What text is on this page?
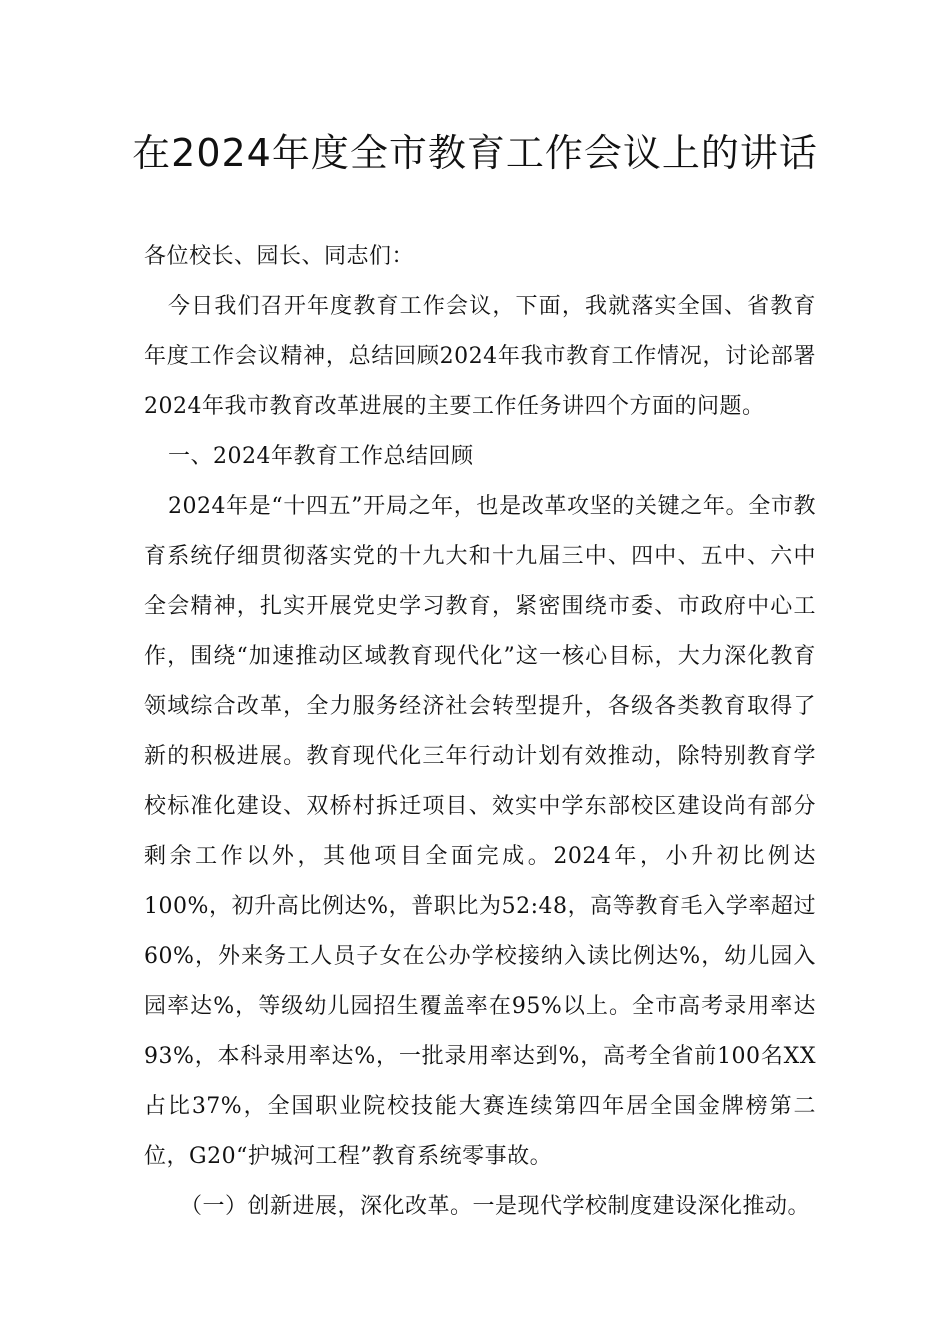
在2024年度全市教育工作会议上的讲话

各位校长、园长、同志们：

今日我们召开年度教育工作会议，下面，我就落实全国、省教育年度工作会议精神，总结回顾2024年我市教育工作情况，讨论部署2024年我市教育改革进展的主要工作任务讲四个方面的问题。

一、2024年教育工作总结回顾

2024年是“十四五”开局之年，也是改革攻坚的关键之年。全市教育系统仔细贯彻落实党的十九大和十九届三中、四中、五中、六中全会精神，扎实开展党史学习教育，紧密围绕市委、市政府中心工作，围绕“加速推动区域教育现代化”这一核心目标，大力深化教育领域综合改革，全力服务经济社会转型提升，各级各类教育取得了新的积极进展。教育现代化三年行动计划有效推动，除特别教育学校标准化建设、双桥村拆迁项目、效实中学东部校区建设尚有部分剩余工作以外，其他项目全面完成。2024年，小升初比例达100%，初升高比例达%，普职比为52:48，高等教育毛入学率超过60%，外来务工人员子女在公办学校接纳入读比例达%，幼儿园入园率达%，等级幼儿园招生覆盖率在95%以上。全市高考录用率达93%，本科录用率达%，一批录用率达到%，高考全省前100名XX占比37%，全国职业院校技能大赛连续第四年居全国金牌榜第二位，G20“护城河工程”教育系统零事故。

（一）创新进展，深化改革。一是现代学校制度建设深化推动。
